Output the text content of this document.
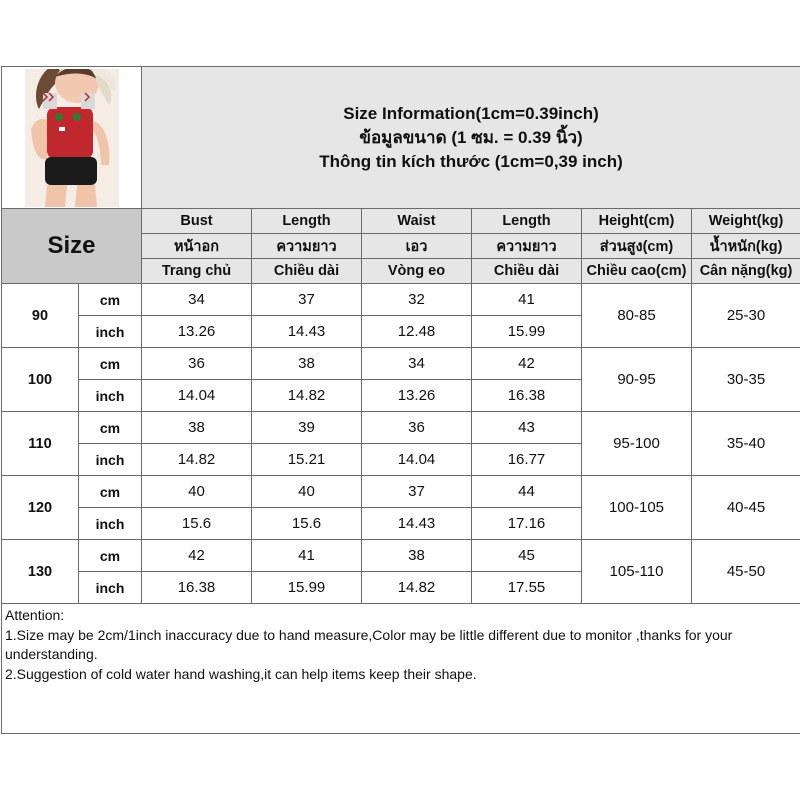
Size Information(1cm=0.39inch)
ข้อมูลขนาด (1 ซม. = 0.39 นิ้ว)
Thông tin kích thước (1cm=0,39 inch)					

Size		Bust	Length	Waist	Length	Height(cm)	Weight(kg)
		หน้าอก	ความยาว	เอว	ความยาว	ส่วนสูง(cm)	น้ำหนัก(kg)
		Trang chủ	Chiều dài	Vòng eo	Chiều dài	Chiều cao(cm)	Cân nặng(kg)
90	cm	34	37	32	41	80-85	25-30
	inch	13.26	14.43	12.48	15.99		
100	cm	36	38	34	42	90-95	30-35
	inch	14.04	14.82	13.26	16.38		
110	cm	38	39	36	43	95-100	35-40
	inch	14.82	15.21	14.04	16.77		
120	cm	40	40	37	44	100-105	40-45
	inch	15.6	15.6	14.43	17.16		
130	cm	42	41	38	45	105-110	45-50
	inch	16.38	15.99	14.82	17.55		

Attention:
1.Size may be 2cm/1inch inaccuracy due to hand measure,Color may be little different due to monitor ,thanks for your understanding.
2.Suggestion of cold water hand washing,it can help items keep their shape.							
